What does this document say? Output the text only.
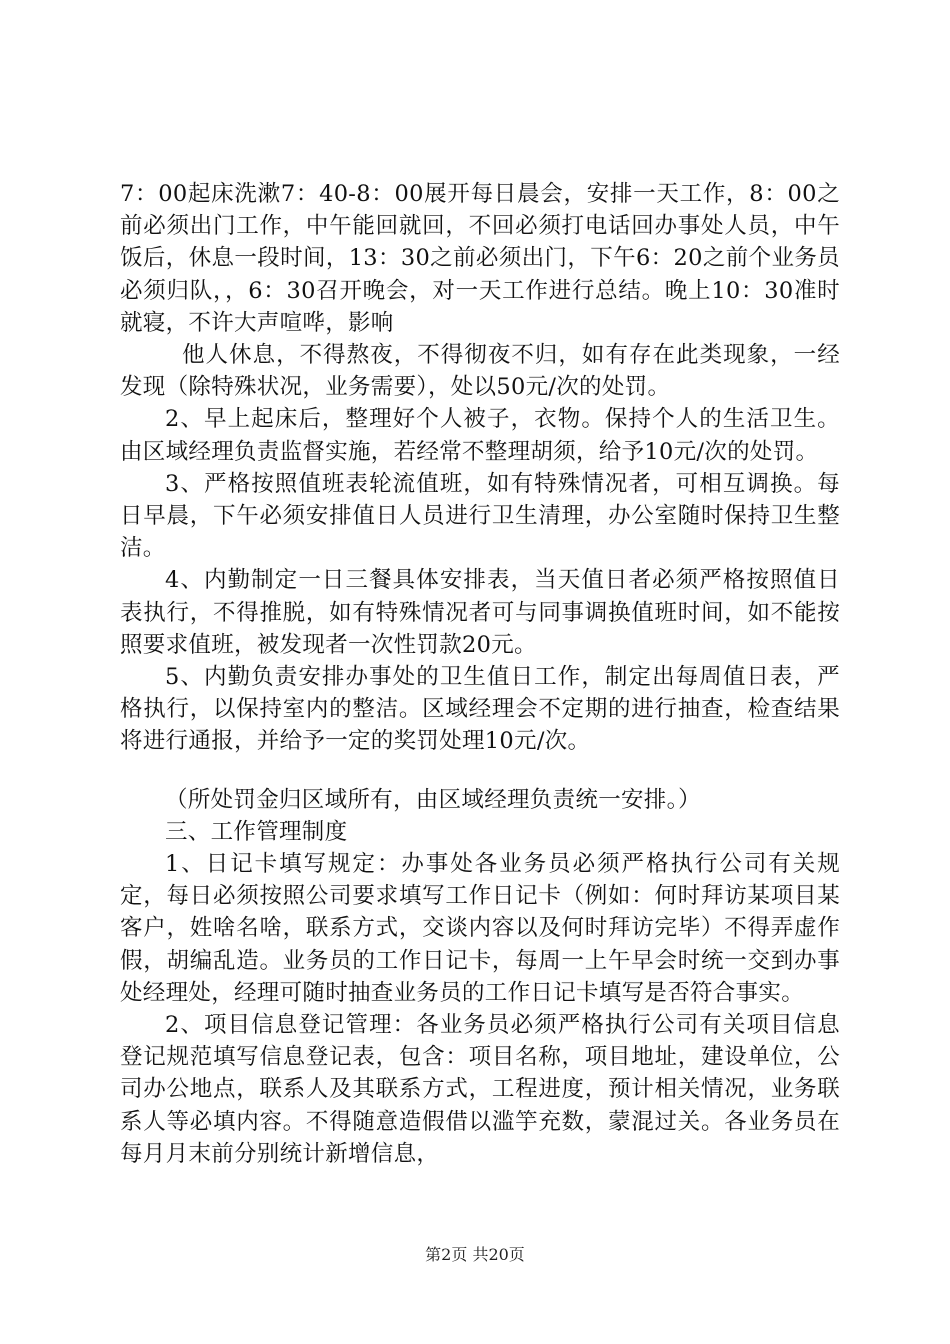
7：00起床洗漱7：40-8：00展开每日晨会，安排一天工作，8：00之前必须出门工作，中午能回就回，不回必须打电话回办事处人员，中午饭后，休息一段时间，13：30之前必须出门，下午6：20之前个业务员必须归队，，6：30召开晚会，对一天工作进行总结。晚上10：30准时就寝，不许大声喧哗，影响

他人休息，不得熬夜，不得彻夜不归，如有存在此类现象，一经发现（除特殊状况，业务需要），处以50元/次的处罚。

2、早上起床后，整理好个人被子，衣物。保持个人的生活卫生。由区域经理负责监督实施，若经常不整理胡须，给予10元/次的处罚。

3、严格按照值班表轮流值班，如有特殊情况者，可相互调换。每日早晨，下午必须安排值日人员进行卫生清理，办公室随时保持卫生整洁。

4、内勤制定一日三餐具体安排表，当天值日者必须严格按照值日表执行，不得推脱，如有特殊情况者可与同事调换值班时间，如不能按照要求值班，被发现者一次性罚款20元。

5、内勤负责安排办事处的卫生值日工作，制定出每周值日表，严格执行，以保持室内的整洁。区域经理会不定期的进行抽查，检查结果将进行通报，并给予一定的奖罚处理10元/次。

（所处罚金归区域所有，由区域经理负责统一安排。）

三、工作管理制度

1、日记卡填写规定：办事处各业务员必须严格执行公司有关规定，每日必须按照公司要求填写工作日记卡（例如：何时拜访某项目某客户，姓啥名啥，联系方式，交谈内容以及何时拜访完毕）不得弄虚作假，胡编乱造。业务员的工作日记卡，每周一上午早会时统一交到办事处经理处，经理可随时抽查业务员的工作日记卡填写是否符合事实。

2、项目信息登记管理：各业务员必须严格执行公司有关项目信息登记规范填写信息登记表，包含：项目名称，项目地址，建设单位，公司办公地点，联系人及其联系方式，工程进度，预计相关情况，业务联系人等必填内容。不得随意造假借以滥竽充数，蒙混过关。各业务员在每月月末前分别统计新增信息，

第2页 共20页
